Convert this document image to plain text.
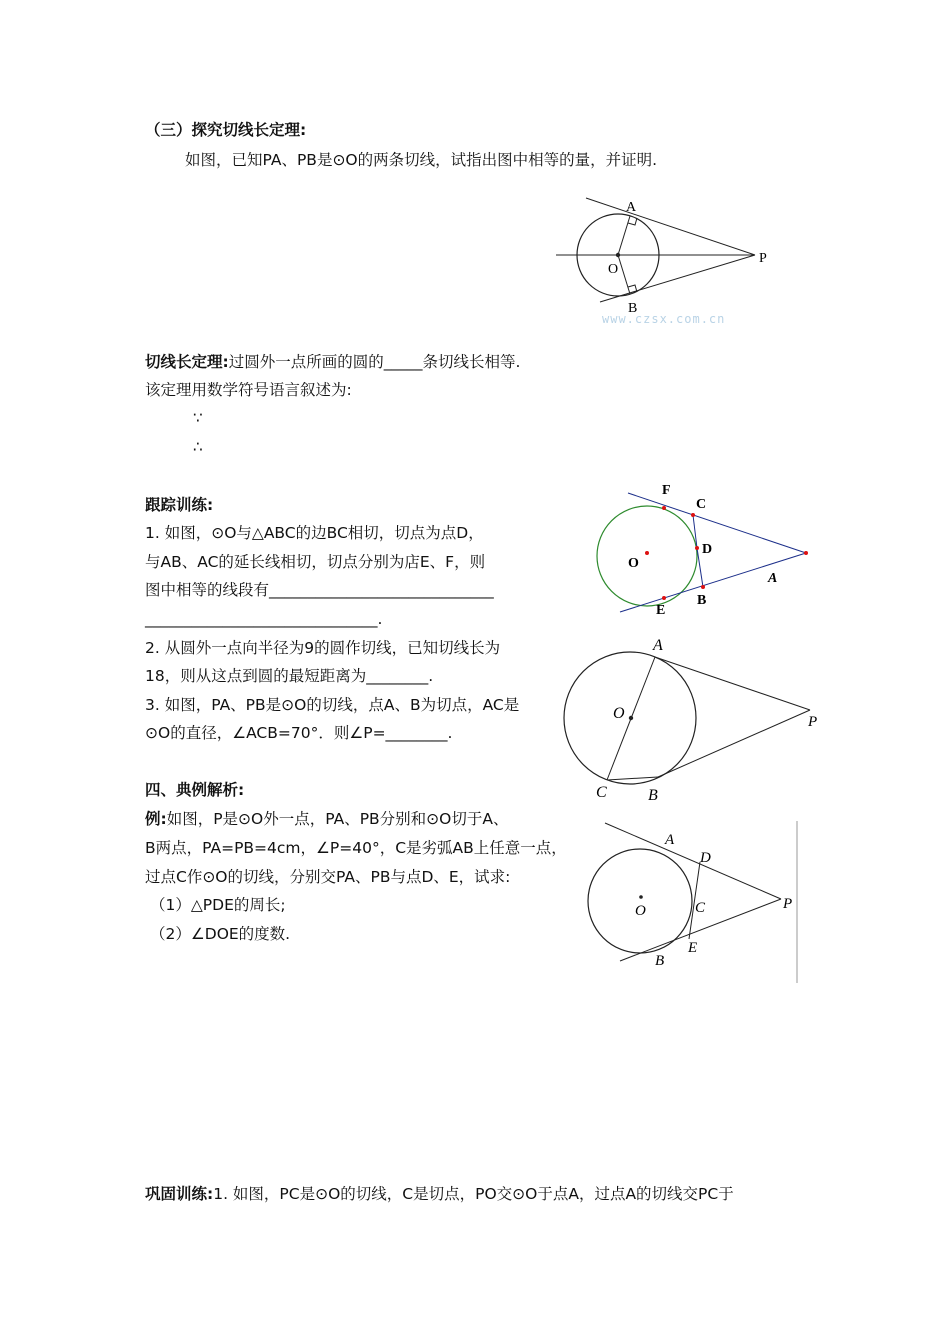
（三）探究切线长定理:
如图，已知PA、PB是⊙O的两条切线，试指出图中相等的量，并证明.
A
O
P
B
www.czsx.com.cn
切线长定理:过圆外一点所画的圆的_____条切线长相等.
该定理用数学符号语言叙述为:
∵
∴
跟踪训练:
1. 如图，⊙O与△ABC的边BC相切，切点为点D，
与AB、AC的延长线相切，切点分别为店E、F，则
图中相等的线段有_____________________________
______________________________.
2. 从圆外一点向半径为9的圆作切线，已知切线长为
18，则从这点到圆的最短距离为________.
3. 如图，PA、PB是⊙O的切线，点A、B为切点，AC是
⊙O的直径，∠ACB=70°．则∠P=________.
F
C
D
O
A
E
B
A
O	P
C	B
四、典例解析:
例:如图，P是⊙O外一点，PA、PB分别和⊙O切于A、
B两点，PA=PB=4cm，∠P=40°，C是劣弧AB上任意一点，
过点C作⊙O的切线，分别交PA、PB与点D、E，试求:
（1）△PDE的周长;
（2）∠DOE的度数.
A
D
C
O	P
E
B
巩固训练:1. 如图，PC是⊙O的切线，C是切点，PO交⊙O于点A，过点A的切线交PC于
